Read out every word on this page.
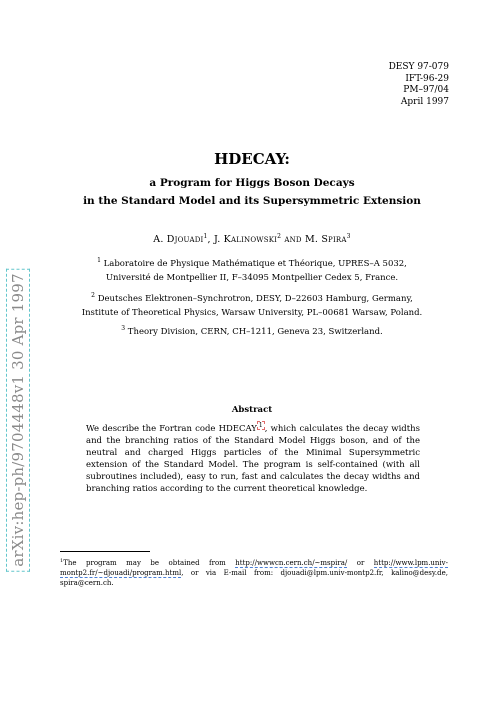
DESY 97-079
IFT-96-29
PM–97/04
April 1997
arXiv:hep-ph/9704448v1 30 Apr 1997
HDECAY:
a Program for Higgs Boson Decays
in the Standard Model and its Supersymmetric Extension
A. Djouadi$^1$, J. Kalinowski$^2$ and M. Spira$^3$
$^1$ Laboratoire de Physique Mathématique et Théorique, UPRES–A 5032,
Université de Montpellier II, F–34095 Montpellier Cedex 5, France.
$^2$ Deutsches Elektronen–Synchrotron, DESY, D–22603 Hamburg, Germany,
Institute of Theoretical Physics, Warsaw University, PL–00681 Warsaw, Poland.
$^3$ Theory Division, CERN, CH–1211, Geneva 23, Switzerland.
Abstract
We describe the Fortran code HDECAY $^1$ , which calculates the decay widths and the branching ratios of the Standard Model Higgs boson, and of the neutral and charged Higgs particles of the Minimal Supersymmetric extension of the Standard Model. The program is self-contained (with all subroutines included), easy to run, fast and calculates the decay widths and branching ratios according to the current theoretical knowledge.
$^1$The program may be obtained from http://wwwcn.cern.ch/~mspira/ or http://www.lpm.univ-montp2.fr/~djouadi/program.html, or via E-mail from: djouadi@lpm.univ-montp2.fr, kalino@desy.de, spira@cern.ch.
